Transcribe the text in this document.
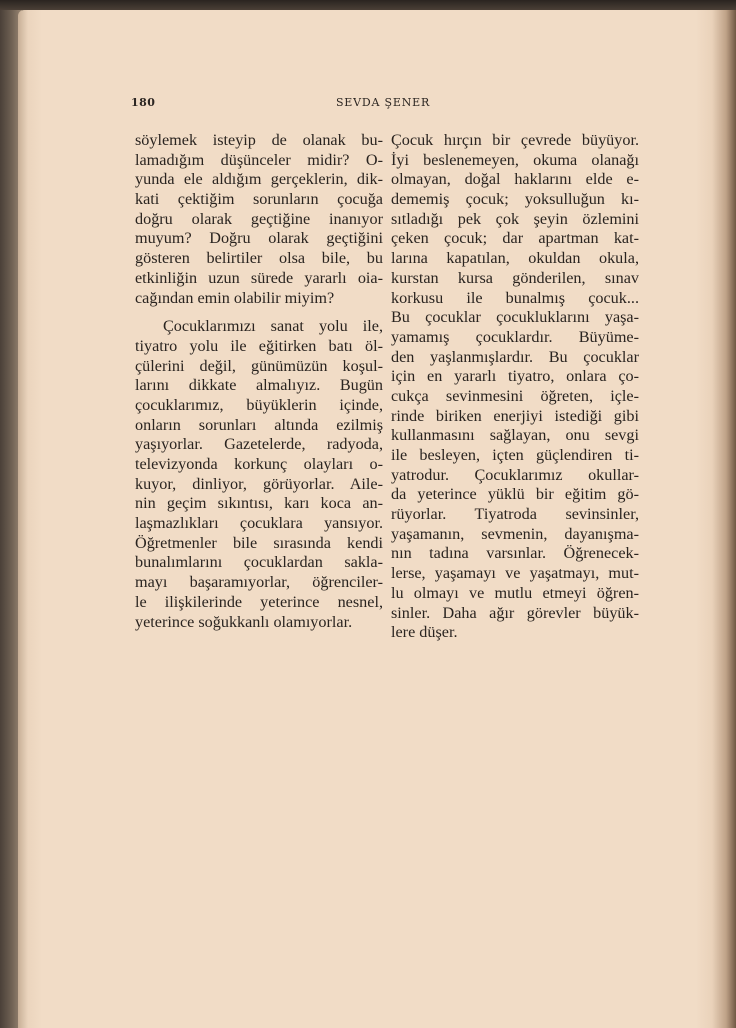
180	SEVDA ŞENER
söylemek isteyip de olanak bu-
lamadığım düşünceler midir? O-
yunda ele aldığım gerçeklerin, dik-
kati çektiğim sorunların çocuğa
doğru olarak geçtiğine inanıyor
muyum? Doğru olarak geçtiğini
gösteren belirtiler olsa bile, bu
etkinliğin uzun sürede yararlı oia-
cağından emin olabilir miyim?
Çocuklarımızı sanat yolu ile,
tiyatro yolu ile eğitirken batı öl-
çülerini değil, günümüzün koşul-
larını dikkate almalıyız. Bugün
çocuklarımız, büyüklerin içinde,
onların sorunları altında ezilmiş
yaşıyorlar. Gazetelerde, radyoda,
televizyonda korkunç olayları o-
kuyor, dinliyor, görüyorlar. Aile-
nin geçim sıkıntısı, karı koca an-
laşmazlıkları çocuklara yansıyor.
Öğretmenler bile sırasında kendi
bunalımlarını çocuklardan sakla-
mayı başaramıyorlar, öğrenciler-
le ilişkilerinde yeterince nesnel,
yeterince soğukkanlı olamıyorlar.
Çocuk hırçın bir çevrede büyüyor.
İyi beslenemeyen, okuma olanağı
olmayan, doğal haklarını elde e-
dememiş çocuk; yoksulluğun kı-
sıtladığı pek çok şeyin özlemini
çeken çocuk; dar apartman kat-
larına kapatılan, okuldan okula,
kurstan kursa gönderilen, sınav
korkusu ile bunalmış çocuk...
Bu çocuklar çocukluklarını yaşa-
yamamış çocuklardır. Büyüme-
den yaşlanmışlardır. Bu çocuklar
için en yararlı tiyatro, onlara ço-
cukça sevinmesini öğreten, içle-
rinde biriken enerjiyi istediği gibi
kullanmasını sağlayan, onu sevgi
ile besleyen, içten güçlendiren ti-
yatrodur. Çocuklarımız okullar-
da yeterince yüklü bir eğitim gö-
rüyorlar. Tiyatroda sevinsinler,
yaşamanın, sevmenin, dayanışma-
nın tadına varsınlar. Öğrenecek-
lerse, yaşamayı ve yaşatmayı, mut-
lu olmayı ve mutlu etmeyi öğren-
sinler. Daha ağır görevler büyük-
lere düşer.
